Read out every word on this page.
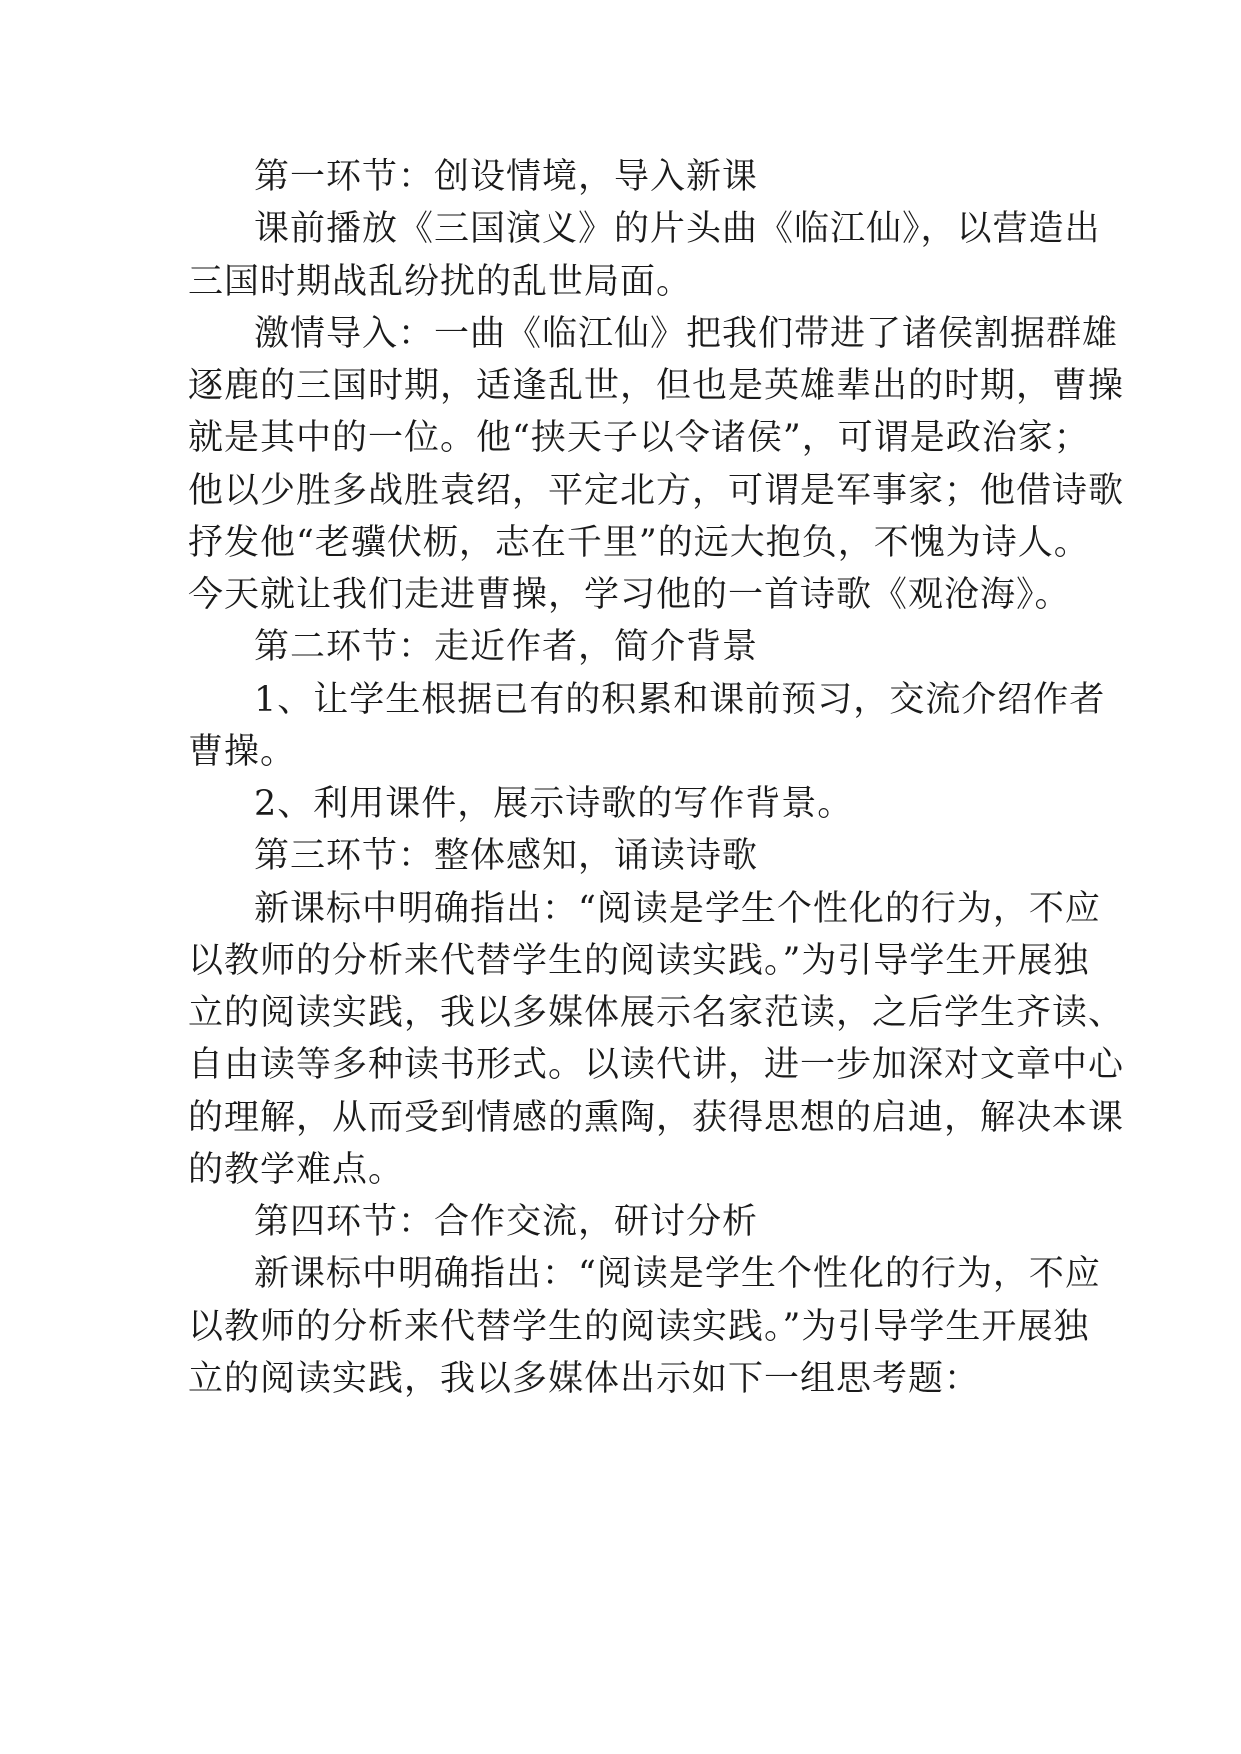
第一环节：创设情境，导入新课
课前播放《三国演义》的片头曲《临江仙》，以营造出
三国时期战乱纷扰的乱世局面。
激情导入：一曲《临江仙》把我们带进了诸侯割据群雄
逐鹿的三国时期，适逢乱世，但也是英雄辈出的时期，曹操
就是其中的一位。他“挟天子以令诸侯”，可谓是政治家；
他以少胜多战胜袁绍，平定北方，可谓是军事家；他借诗歌
抒发他“老骥伏枥，志在千里”的远大抱负，不愧为诗人。
今天就让我们走进曹操，学习他的一首诗歌《观沧海》。
第二环节：走近作者，简介背景
1、让学生根据已有的积累和课前预习，交流介绍作者
曹操。
2、利用课件，展示诗歌的写作背景。
第三环节：整体感知，诵读诗歌
新课标中明确指出：“阅读是学生个性化的行为，不应
以教师的分析来代替学生的阅读实践。”为引导学生开展独
立的阅读实践，我以多媒体展示名家范读，之后学生齐读、
自由读等多种读书形式。以读代讲，进一步加深对文章中心
的理解，从而受到情感的熏陶，获得思想的启迪，解决本课
的教学难点。
第四环节：合作交流，研讨分析
新课标中明确指出：“阅读是学生个性化的行为，不应
以教师的分析来代替学生的阅读实践。”为引导学生开展独
立的阅读实践，我以多媒体出示如下一组思考题：
